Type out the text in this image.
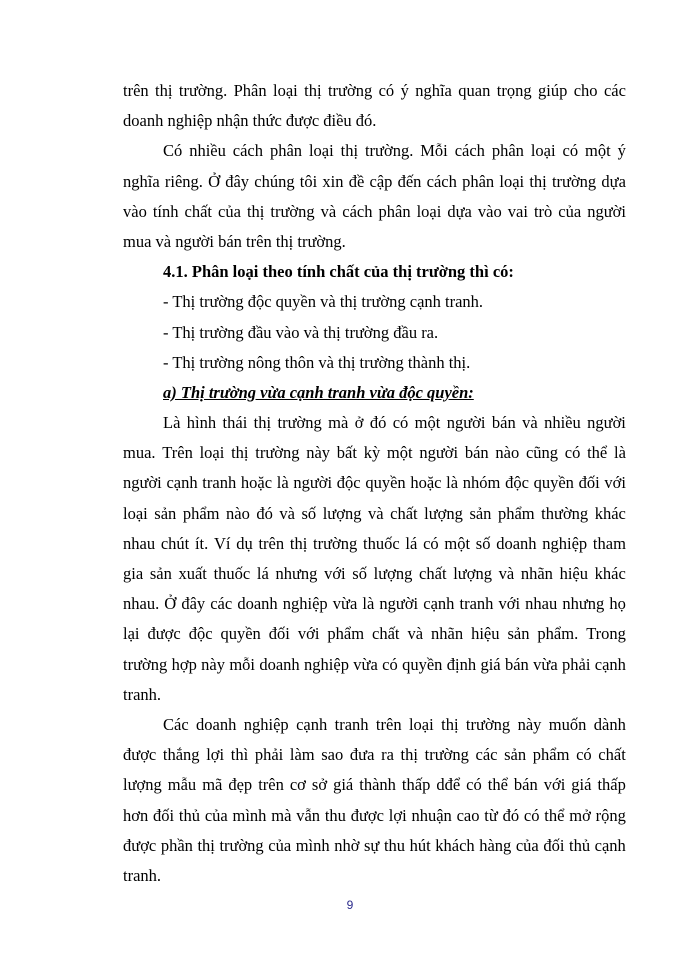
trên thị trường. Phân loại thị trường có ý nghĩa quan trọng giúp cho các
doanh nghiệp nhận thức được điều đó.
Có nhiều cách phân loại thị trường. Mỗi cách phân loại có một ý
nghĩa riêng. Ở đây chúng tôi xin đề cập đến cách phân loại thị trường dựa
vào tính chất của thị trường và cách phân loại dựa vào vai trò của người
mua và người bán trên thị trường.
4.1. Phân loại theo tính chất của thị trường thì có:
- Thị trường độc quyền và thị trường cạnh tranh.
- Thị trường đầu vào và thị trường đầu ra.
- Thị trường nông thôn và thị trường thành thị.
a) Thị trường vừa cạnh tranh vừa độc quyền:
Là hình thái thị trường mà ở đó có một người bán và nhiều người
mua. Trên loại thị trường này bất kỳ một người bán nào cũng có thể là
người cạnh tranh hoặc là người độc quyền hoặc là nhóm độc quyền đối với
loại sản phẩm nào đó và số lượng và chất lượng sản phẩm thường khác
nhau chút ít. Ví dụ trên thị trường thuốc lá có một số doanh nghiệp tham
gia sản xuất thuốc lá nhưng với số lượng chất lượng và nhãn hiệu khác
nhau. Ở đây các doanh nghiệp vừa là người cạnh tranh với nhau nhưng họ
lại được độc quyền đối với phẩm chất và nhãn hiệu sản phẩm. Trong
trường hợp này mỗi doanh nghiệp vừa có quyền định giá bán vừa phải cạnh
tranh.
Các doanh nghiệp cạnh tranh trên loại thị trường này muốn dành
được thắng lợi thì phải làm sao đưa ra thị trường các sản phẩm có chất
lượng mẫu mã đẹp trên cơ sở giá thành thấp dđể có thể bán với giá thấp
hơn đối thủ của mình mà vẫn thu được lợi nhuận cao từ đó có thể mở rộng
được phần thị trường của mình nhờ sự thu hút khách hàng của đối thủ cạnh
tranh.
9
